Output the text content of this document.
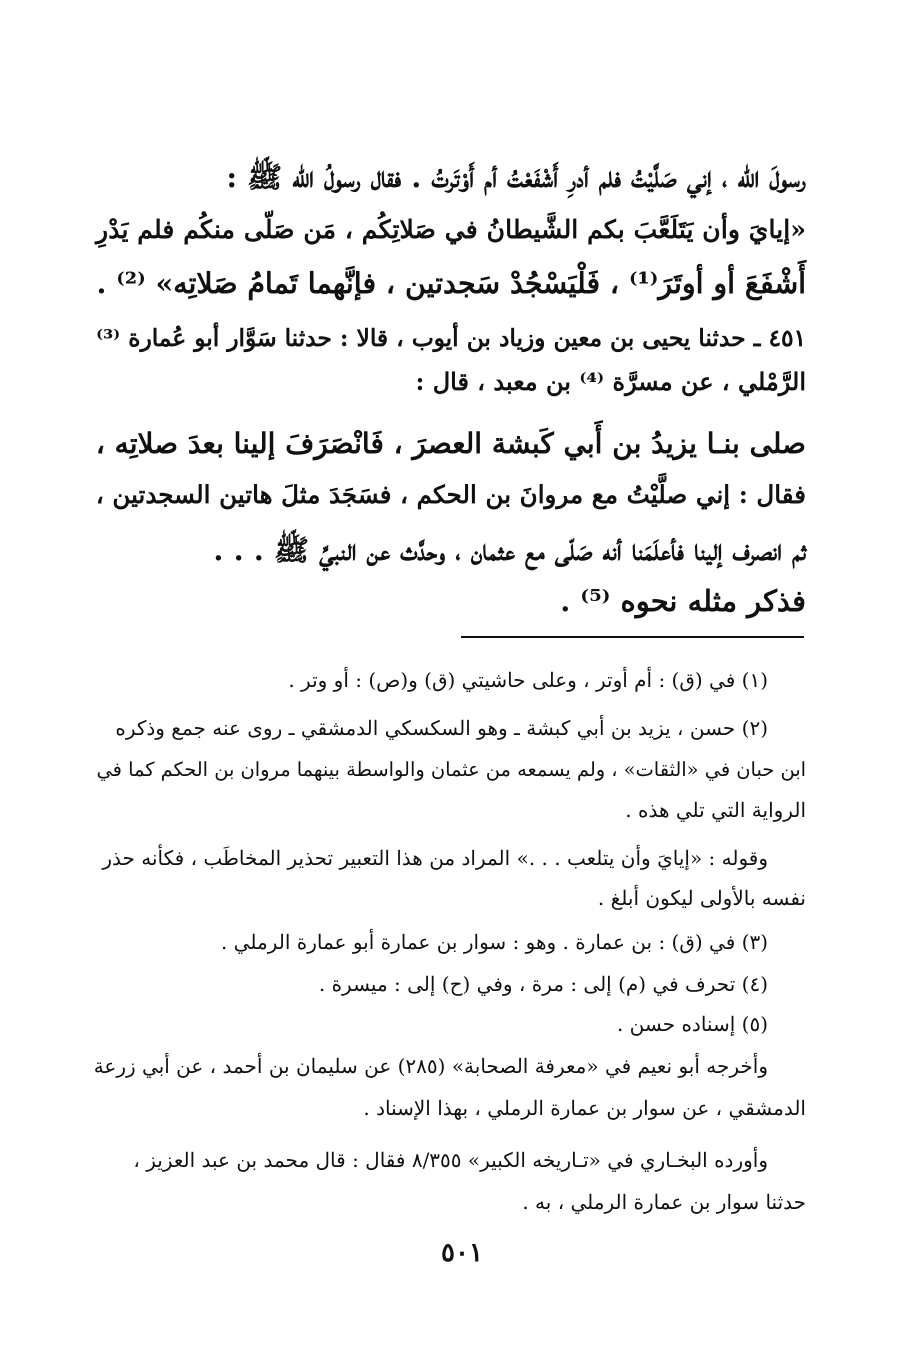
رسولَ الله ، إني صَلَّيْتُ فلم أدرِ أَشْفَعْتُ أم أَوْتَرتُ . فقال رسولُ الله ﷺ :
«إيايَ وأن يَتَلَعَّبَ بكم الشَّيطانُ في صَلاتِكُم ، مَن صَلّى منكُم فلم يَدْرِ
أَشْفَعَ أو أوتَرَ⁽¹⁾ ، فَلْيَسْجُدْ سَجدتين ، فإنَّهما تَمامُ صَلاتِه» ⁽²⁾ .
٤٥١ ـ حدثنا يحيى بن معين وزياد بن أيوب ، قالا : حدثنا سَوَّار أبو عُمارة ⁽³⁾
الرَّمْلي ، عن مسرَّة ⁽⁴⁾ بن معبد ، قال :
صلى بنـا يزيدُ بن أَبي كَبشة العصرَ ، فَانْصَرَفَ إلينا بعدَ صلاتِه ،
فقال : إني صلَّيْتُ مع مروانَ بن الحكم ، فسَجَدَ مثلَ هاتين السجدتين ،
ثم انصرف إلينا فأعلَمَنا أنه صَلّى مع عثمان ، وحدَّث عن النبيِّ ﷺ . . .
فذكر مثله نحوه ⁽⁵⁾ .
(١) في (ق) : أم أوتر ، وعلى حاشيتي (ق) و(ص) : أو وتر .
(٢) حسن ، يزيد بن أبي كبشة ـ وهو السكسكي الدمشقي ـ روى عنه جمع وذكره
ابن حبان في «الثقات» ، ولم يسمعه من عثمان والواسطة بينهما مروان بن الحكم كما في
الرواية التي تلي هذه .
وقوله : «إيايَ وأن يتلعب . . .» المراد من هذا التعبير تحذير المخاطَب ، فكأنه حذر
نفسه بالأولى ليكون أبلغ .
(٣) في (ق) : بن عمارة . وهو : سوار بن عمارة أبو عمارة الرملي .
(٤) تحرف في (م) إلى : مرة ، وفي (ح) إلى : ميسرة .
(٥) إسناده حسن .
وأخرجه أبو نعيم في «معرفة الصحابة» (٢٨٥) عن سليمان بن أحمد ، عن أبي زرعة
الدمشقي ، عن سوار بن عمارة الرملي ، بهذا الإسناد .
وأورده البخـاري في «تـاريخه الكبير» ٨/٣٥٥ فقال : قال محمد بن عبد العزيز ،
حدثنا سوار بن عمارة الرملي ، به .
٥٠١
